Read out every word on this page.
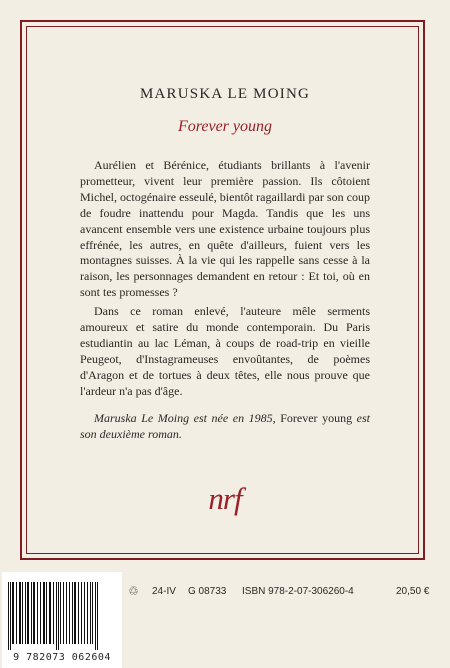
MARUSKA LE MOING
Forever young

Aurélien et Bérénice, étudiants brillants à l'avenir prometteur, vivent leur première passion. Ils côtoient Michel, octogénaire esseulé, bientôt ragaillardi par son coup de foudre inattendu pour Magda. Tandis que les uns avancent ensemble vers une existence urbaine toujours plus effrénée, les autres, en quête d'ailleurs, fuient vers les montagnes suisses. À la vie qui les rappelle sans cesse à la raison, les personnages demandent en retour : Et toi, où en sont tes promesses ?

Dans ce roman enlevé, l'auteure mêle serments amoureux et satire du monde contemporain. Du Paris estudiantin au lac Léman, à coups de road-trip en vieille Peugeot, d'Instagrameuses envoûtantes, de poèmes d'Aragon et de tortues à deux têtes, elle nous prouve que l'ardeur n'a pas d'âge.

Maruska Le Moing est née en 1985, Forever young est son deuxième roman.

nrf
9 782073 062604
♲ 24-IV G 08733 ISBN 978-2-07-306260-4	20,50 €
